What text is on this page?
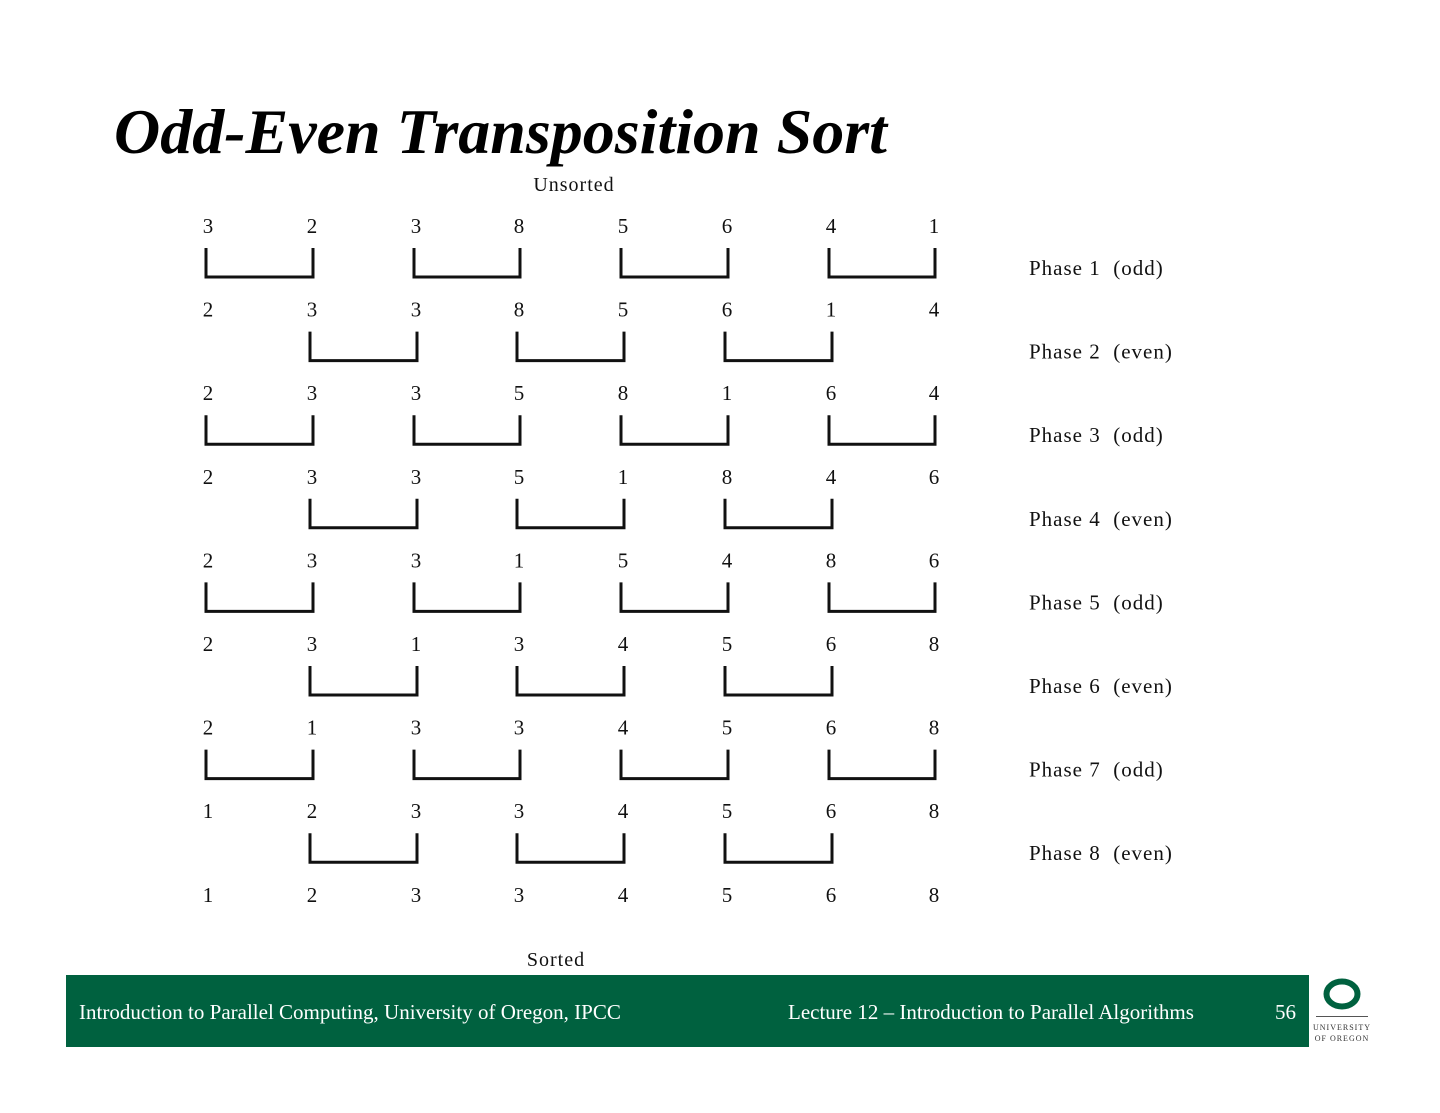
Odd-Even Transposition Sort
Unsorted
3	2	3	8	5	6	4	1
2	3	3	8	5	6	1	4
2	3	3	5	8	1	6	4
2	3	3	5	1	8	4	6
2	3	3	1	5	4	8	6
2	3	1	3	4	5	6	8
2	1	3	3	4	5	6	8
1	2	3	3	4	5	6	8
1	2	3	3	4	5	6	8
Phase 1  (odd)
Phase 2  (even)
Phase 3  (odd)
Phase 4  (even)
Phase 5  (odd)
Phase 6  (even)
Phase 7  (odd)
Phase 8  (even)
Sorted
Introduction to Parallel Computing, University of Oregon, IPCC	Lecture 12 – Introduction to Parallel Algorithms	56
UNIVERSITY
OF OREGON
